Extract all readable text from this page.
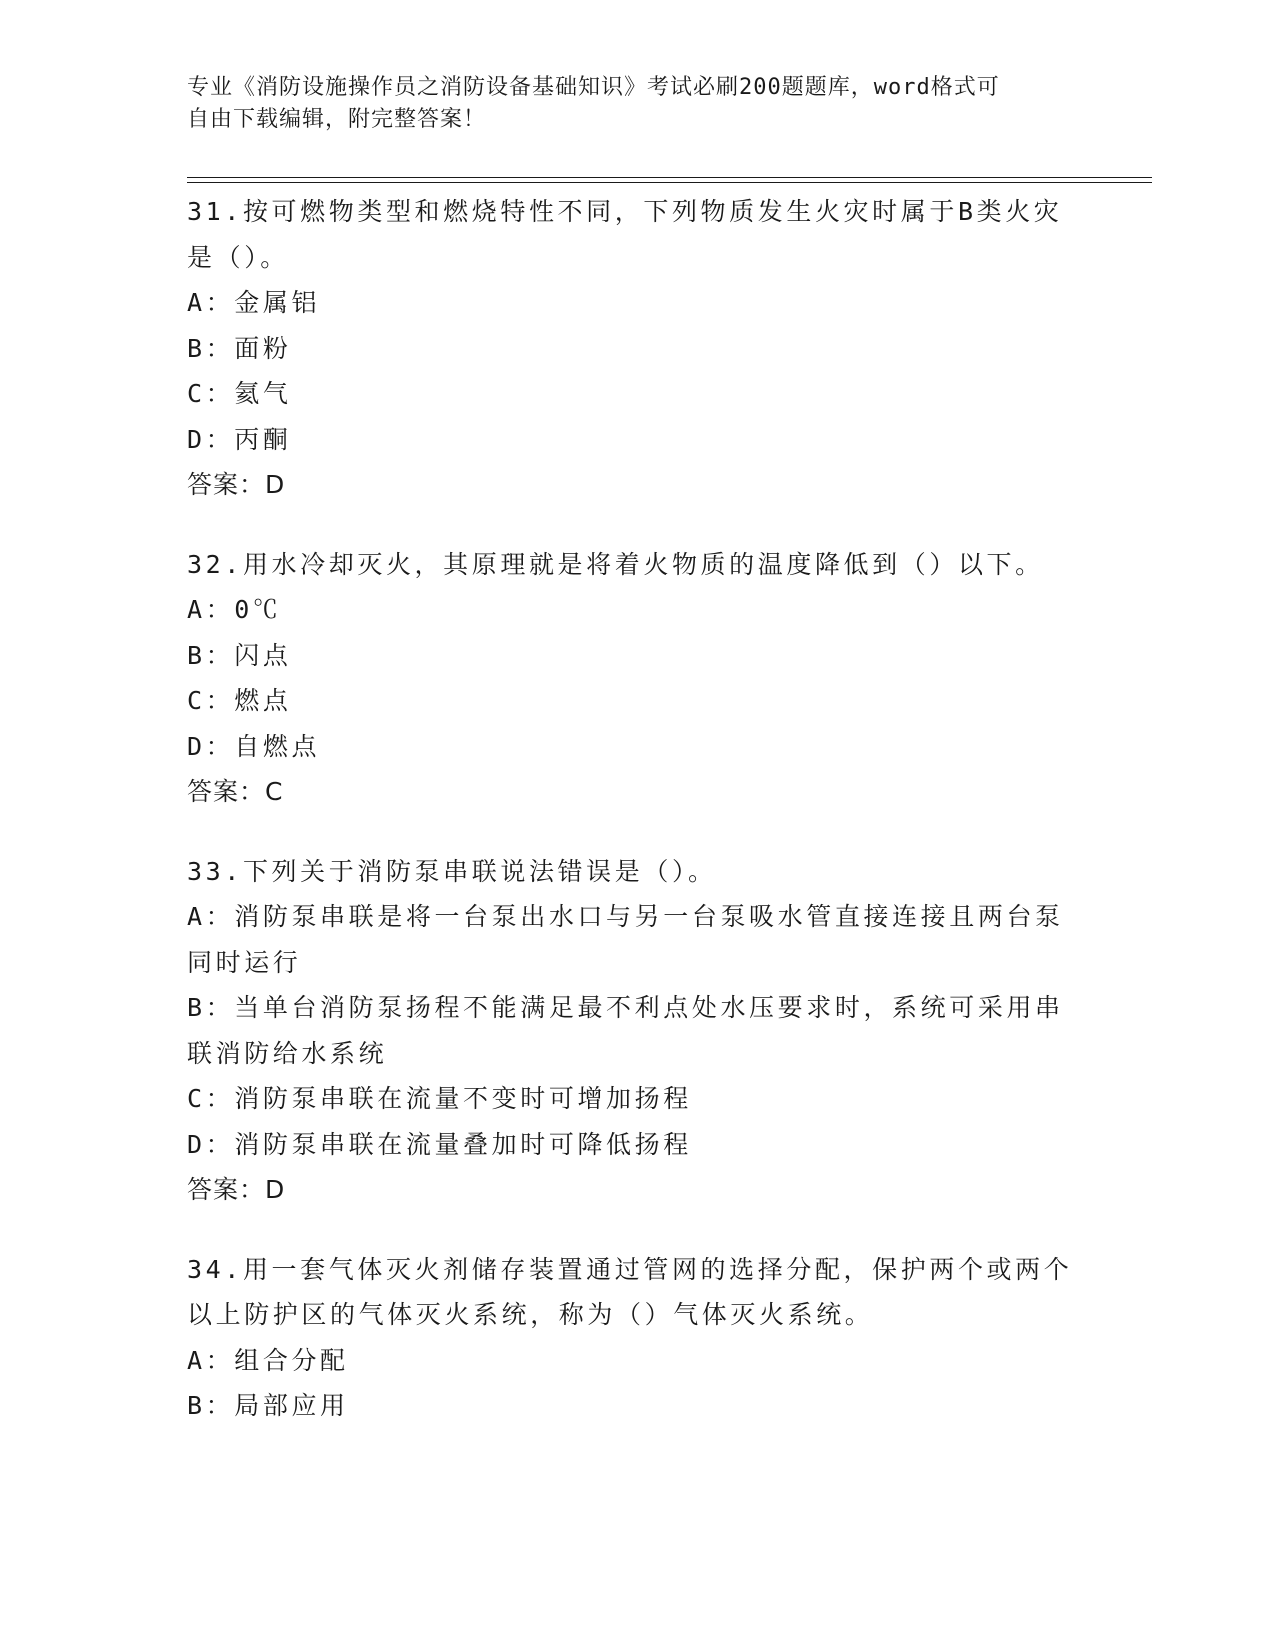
专业《消防设施操作员之消防设备基础知识》考试必刷200题题库，word格式可

自由下载编辑，附完整答案！

31.按可燃物类型和燃烧特性不同，下列物质发生火灾时属于B类火灾

是（）。

A：金属铝

B：面粉

C：氦气

D：丙酮

答案：D

32.用水冷却灭火，其原理就是将着火物质的温度降低到（）以下。

A：0℃

B：闪点

C：燃点

D：自燃点

答案：C

33.下列关于消防泵串联说法错误是（）。

A：消防泵串联是将一台泵出水口与另一台泵吸水管直接连接且两台泵

同时运行

B：当单台消防泵扬程不能满足最不利点处水压要求时，系统可采用串

联消防给水系统

C：消防泵串联在流量不变时可增加扬程

D：消防泵串联在流量叠加时可降低扬程

答案：D

34.用一套气体灭火剂储存装置通过管网的选择分配，保护两个或两个

以上防护区的气体灭火系统，称为（）气体灭火系统。

A：组合分配

B：局部应用
